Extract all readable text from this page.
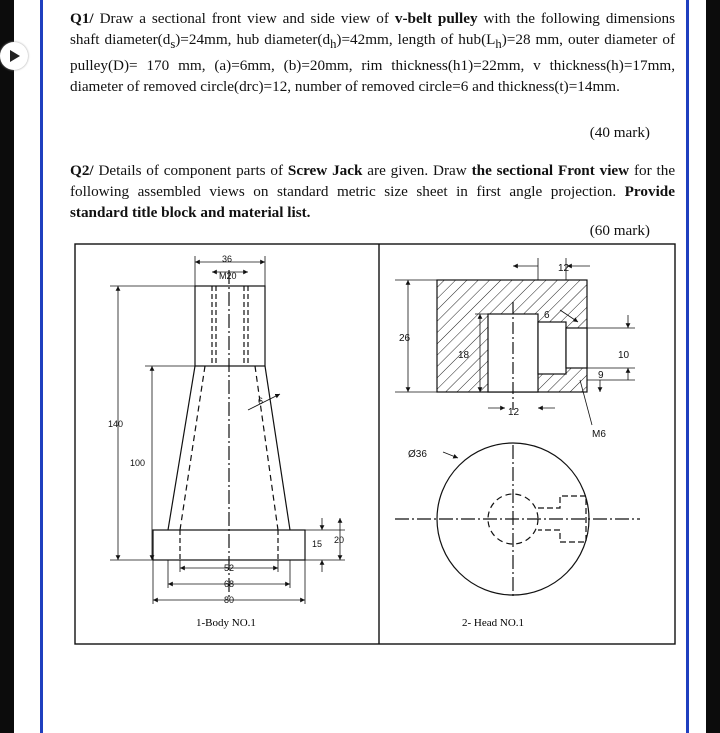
Q1/ Draw a sectional front view and side view of v-belt pulley with the following dimensions shaft $diameter(d_s)=24mm$, hub $diameter(d_h)=42mm$, length of $hub(L_h)=28$ mm, outer diameter of pulley(D)= 170 mm, (a)=6mm, (b)=20mm, rim thickness(h1)=22mm, v thickness(h)=17mm, diameter of removed circle(drc)=12, number of removed circle=6 and thickness(t)=14mm.
(40 mark)
Q2/ Details of component parts of Screw Jack are given. Draw the sectional Front view for the following assembled views on standard metric size sheet in first angle projection. Provide standard title block and material list.
(60 mark)
36
M20
6
140
100
15 20
52
68
80
1-Body NO.1
12
6
26
18	10
9
12
M6
Ø36
2- Head NO.1
